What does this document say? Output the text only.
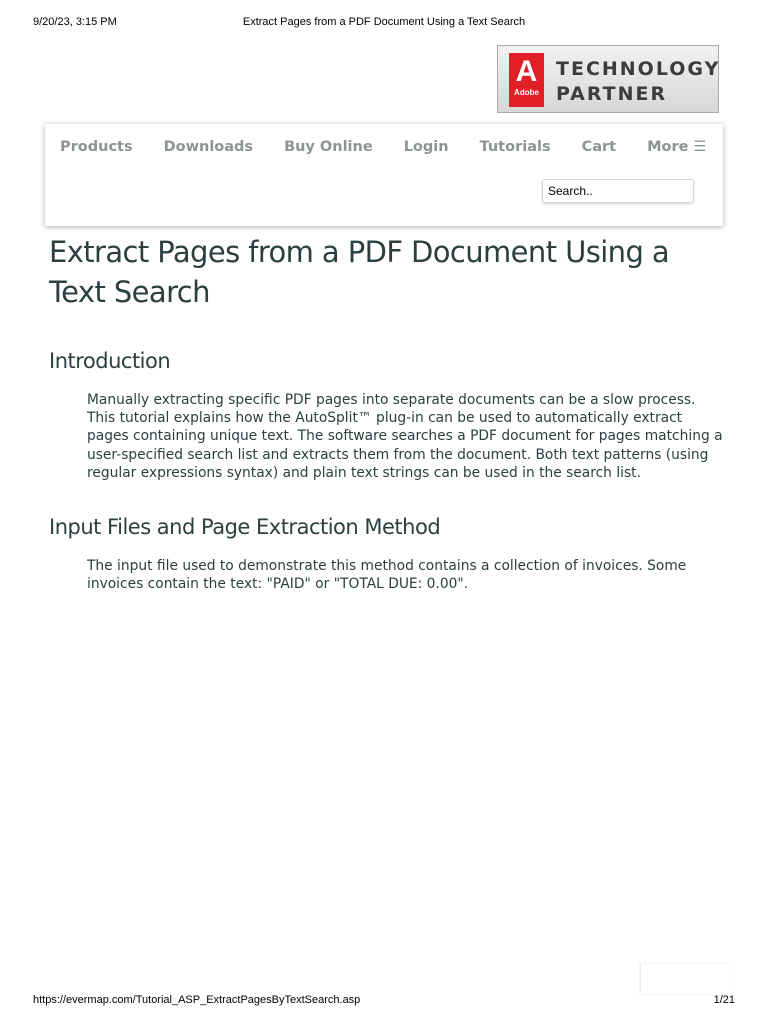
9/20/23, 3:15 PM	Extract Pages from a PDF Document Using a Text Search
A
Adobe
TECHNOLOGY
PARTNER
Products Downloads Buy Online Login Tutorials Cart More ☰
Search..
Extract Pages from a PDF Document Using a Text Search
Introduction

Manually extracting specific PDF pages into separate documents can be a slow process. This tutorial explains how the AutoSplit™ plug-in can be used to automatically extract pages containing unique text. The software searches a PDF document for pages matching a user-specified search list and extracts them from the document. Both text patterns (using regular expressions syntax) and plain text strings can be used in the search list.

Input Files and Page Extraction Method

The input file used to demonstrate this method contains a collection of invoices. Some invoices contain the text: "PAID" or "TOTAL DUE: 0.00".

https://evermap.com/Tutorial_ASP_ExtractPagesByTextSearch.asp	1/21
